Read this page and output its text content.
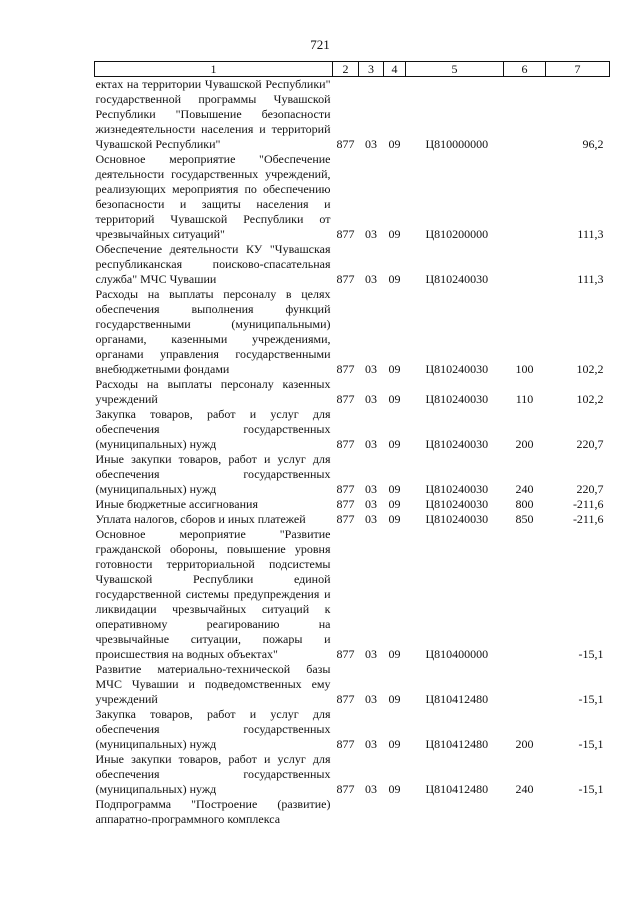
721
1	2	3	4	5	6	7
ектах на территории Чувашской Республики" государственной программы Чувашской Республики "Повышение безопасности жизнедеятельности населения и территорий Чувашской Республики"	877	03	09	Ц810000000		96,2
Основное мероприятие "Обеспечение деятельности государственных учреждений, реализующих мероприятия по обеспечению безопасности и защиты населения и территорий Чувашской Республики от чрезвычайных ситуаций"	877	03	09	Ц810200000		111,3
Обеспечение деятельности КУ "Чувашская республиканская поисково-спасательная служба" МЧС Чувашии	877	03	09	Ц810240030		111,3
Расходы на выплаты персоналу в целях обеспечения выполнения функций государственными (муниципальными) органами, казенными учреждениями, органами управления государственными внебюджетными фондами	877	03	09	Ц810240030	100	102,2
Расходы на выплаты персоналу казенных учреждений	877	03	09	Ц810240030	110	102,2
Закупка товаров, работ и услуг для обеспечения государственных (муниципальных) нужд	877	03	09	Ц810240030	200	220,7
Иные закупки товаров, работ и услуг для обеспечения государственных (муниципальных) нужд	877	03	09	Ц810240030	240	220,7
Иные бюджетные ассигнования	877	03	09	Ц810240030	800	-211,6
Уплата налогов, сборов и иных платежей	877	03	09	Ц810240030	850	-211,6
Основное мероприятие "Развитие гражданской обороны, повышение уровня готовности территориальной подсистемы Чувашской Республики единой государственной системы предупреждения и ликвидации чрезвычайных ситуаций к оперативному реагированию на чрезвычайные ситуации, пожары и происшествия на водных объектах"	877	03	09	Ц810400000		-15,1
Развитие материально-технической базы МЧС Чувашии и подведомственных ему учреждений	877	03	09	Ц810412480		-15,1
Закупка товаров, работ и услуг для обеспечения государственных (муниципальных) нужд	877	03	09	Ц810412480	200	-15,1
Иные закупки товаров, работ и услуг для обеспечения государственных (муниципальных) нужд	877	03	09	Ц810412480	240	-15,1
Подпрограмма "Построение (развитие) аппаратно-программного комплекса						
